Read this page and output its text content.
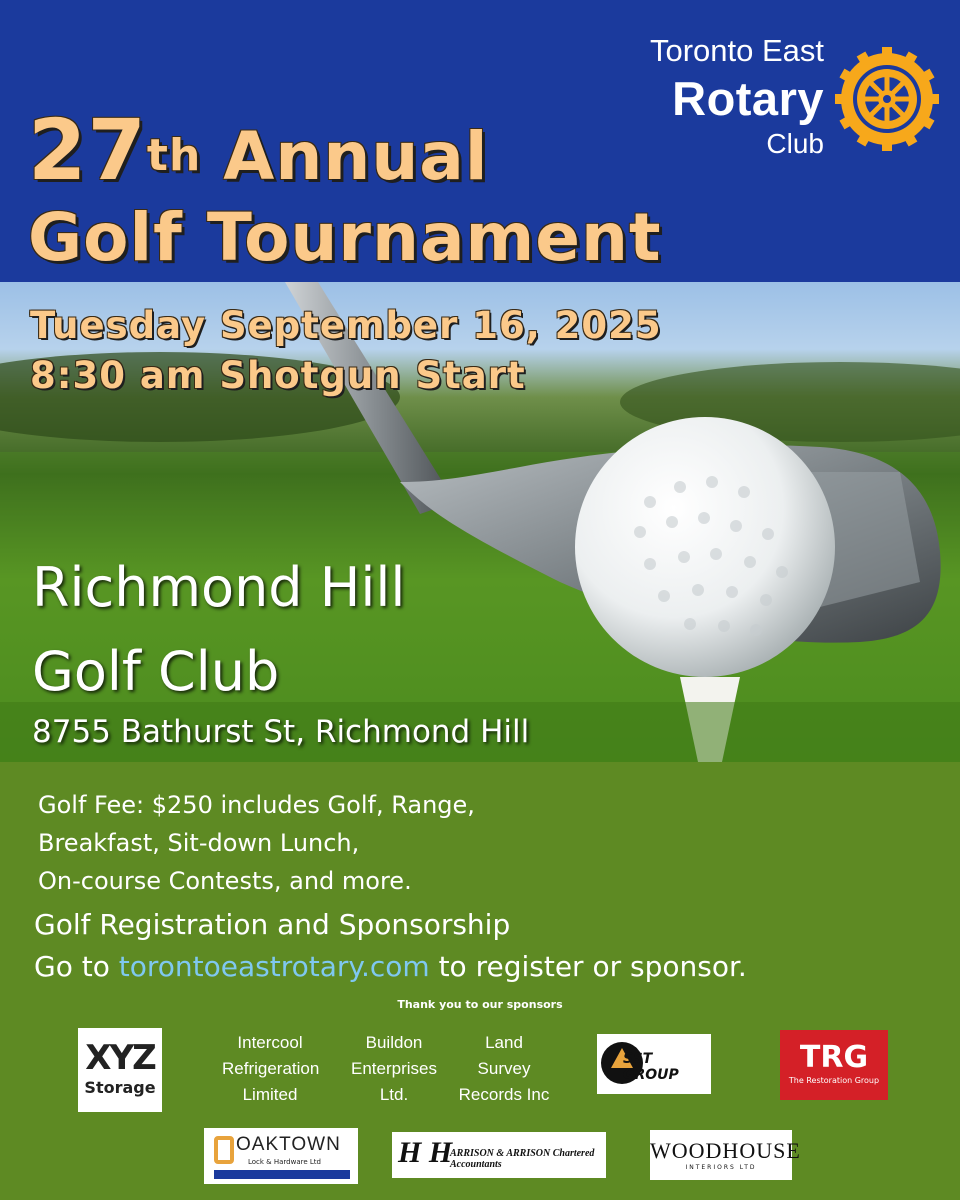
27th Annual
Golf Tournament
Toronto East
Rotary
Club
Tuesday September 16, 2025
8:30 am Shotgun Start
Richmond Hill
Golf Club
8755 Bathurst St, Richmond Hill
Golf Fee: $250 includes Golf, Range,
Breakfast, Sit-down Lunch,
On-course Contests, and more.
Golf Registration and Sponsorship
Go to torontoeastrotary.com to register or sponsor.
Thank you to our sponsors
XYZ
Storage
Intercool
Refrigeration
Limited
Buildon
Enterprises
Ltd.
Land
Survey
Records Inc
SST GROUP	TRG
The Restoration Group
OAKTOWN
Lock & Hardware Ltd	H H
ARRISON & ARRISON Chartered Accountants
WOODHOUSE
INTERIORS LTD
